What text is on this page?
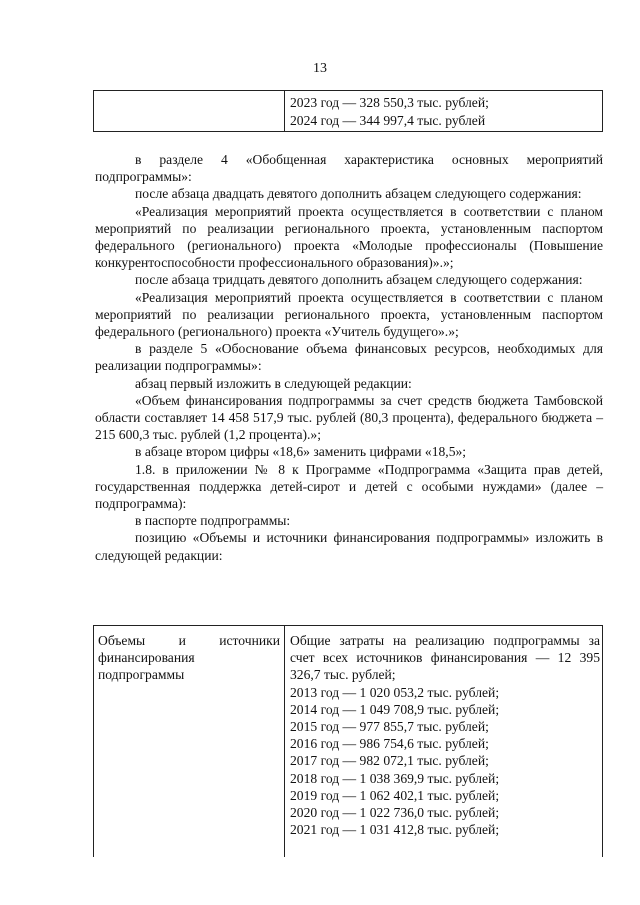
13
2023 год — 328 550,3 тыс. рублей;
2024 год — 344 997,4 тыс. рублей

в разделе 4 «Обобщенная характеристика основных мероприятий подпрограммы»:

после абзаца двадцать девятого дополнить абзацем следующего содержания:

«Реализация мероприятий проекта осуществляется в соответствии с планом мероприятий по реализации регионального проекта, установленным паспортом федерального (регионального) проекта «Молодые профессионалы (Повышение конкурентоспособности профессионального образования)».»;

после абзаца тридцать девятого дополнить абзацем следующего содержания:

«Реализация мероприятий проекта осуществляется в соответствии с планом мероприятий по реализации регионального проекта, установленным паспортом федерального (регионального) проекта «Учитель будущего».»;

в разделе 5 «Обоснование объема финансовых ресурсов, необходимых для реализации подпрограммы»:

абзац первый изложить в следующей редакции:

«Объем финансирования подпрограммы за счет средств бюджета Тамбовской области составляет 14 458 517,9 тыс. рублей (80,3 процента), федерального бюджета – 215 600,3 тыс. рублей (1,2 процента).»;

в абзаце втором цифры «18,6» заменить цифрами «18,5»;

1.8. в приложении № 8 к Программе «Подпрограмма «Защита прав детей, государственная поддержка детей-сирот и детей с особыми нуждами» (далее – подпрограмма):

в паспорте подпрограммы:

позицию «Объемы и источники финансирования подпрограммы» изложить в следующей редакции:

Объемы и источники
финансирования
подпрограммы
Общие затраты на реализацию подпрограммы за счет всех источников финансирования — 12 395 326,7 тыс. рублей;
2013 год — 1 020 053,2 тыс. рублей;
2014 год — 1 049 708,9 тыс. рублей;
2015 год — 977 855,7 тыс. рублей;
2016 год — 986 754,6 тыс. рублей;
2017 год — 982 072,1 тыс. рублей;
2018 год — 1 038 369,9 тыс. рублей;
2019 год — 1 062 402,1 тыс. рублей;
2020 год — 1 022 736,0 тыс. рублей;
2021 год — 1 031 412,8 тыс. рублей;
